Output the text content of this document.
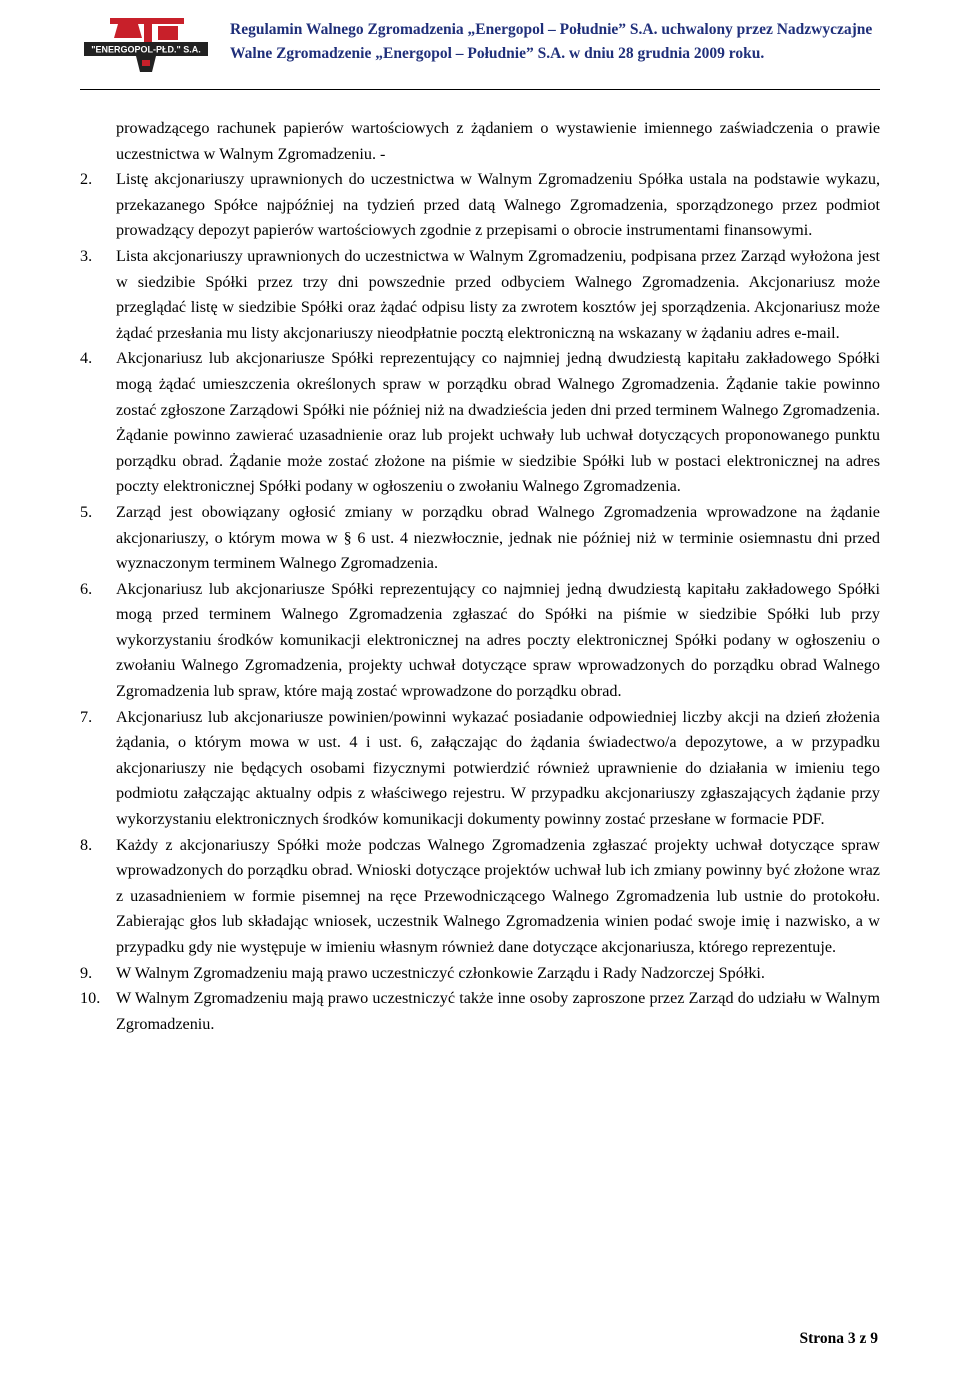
"ENERGOPOL-PŁD." S.A.
Regulamin Walnego Zgromadzenia „Energopol – Południe” S.A. uchwalony przez Nadzwyczajne
Walne Zgromadzenie „Energopol – Południe” S.A. w dniu 28 grudnia 2009 roku.

prowadzącego rachunek papierów wartościowych z żądaniem o wystawienie imiennego zaświadczenia o prawie uczestnictwa w Walnym Zgromadzeniu. -

2.	Listę akcjonariuszy uprawnionych do uczestnictwa w Walnym Zgromadzeniu Spółka ustala na podstawie wykazu, przekazanego Spółce najpóźniej na tydzień przed datą Walnego Zgromadzenia, sporządzonego przez podmiot prowadzący depozyt papierów wartościowych zgodnie z przepisami o obrocie instrumentami finansowymi.
3.	Lista akcjonariuszy uprawnionych do uczestnictwa w Walnym Zgromadzeniu, podpisana przez Zarząd wyłożona jest w siedzibie Spółki przez trzy dni powszednie przed odbyciem Walnego Zgromadzenia. Akcjonariusz może przeglądać listę w siedzibie Spółki oraz żądać odpisu listy za zwrotem kosztów jej sporządzenia. Akcjonariusz może żądać przesłania mu listy akcjonariuszy nieodpłatnie pocztą elektroniczną na wskazany w żądaniu adres e-mail.
4.	Akcjonariusz lub akcjonariusze Spółki reprezentujący co najmniej jedną dwudziestą kapitału zakładowego Spółki mogą żądać umieszczenia określonych spraw w porządku obrad Walnego Zgromadzenia. Żądanie takie powinno zostać zgłoszone Zarządowi Spółki nie później niż na dwadzieścia jeden dni przed terminem Walnego Zgromadzenia. Żądanie powinno zawierać uzasadnienie oraz lub projekt uchwały lub uchwał dotyczących proponowanego punktu porządku obrad. Żądanie może zostać złożone na piśmie w siedzibie Spółki lub w postaci elektronicznej na adres poczty elektronicznej Spółki podany w ogłoszeniu o zwołaniu Walnego Zgromadzenia.
5.	Zarząd jest obowiązany ogłosić zmiany w porządku obrad Walnego Zgromadzenia wprowadzone na żądanie akcjonariuszy, o którym mowa w § 6 ust. 4 niezwłocznie, jednak nie później niż w terminie osiemnastu dni przed wyznaczonym terminem Walnego Zgromadzenia.
6.	Akcjonariusz lub akcjonariusze Spółki reprezentujący co najmniej jedną dwudziestą kapitału zakładowego Spółki mogą przed terminem Walnego Zgromadzenia zgłaszać do Spółki na piśmie w siedzibie Spółki lub przy wykorzystaniu środków komunikacji elektronicznej na adres poczty elektronicznej Spółki podany w ogłoszeniu o zwołaniu Walnego Zgromadzenia, projekty uchwał dotyczące spraw wprowadzonych do porządku obrad Walnego Zgromadzenia lub spraw, które mają zostać wprowadzone do porządku obrad.
7.	Akcjonariusz lub akcjonariusze powinien/powinni wykazać posiadanie odpowiedniej liczby akcji na dzień złożenia żądania, o którym mowa w ust. 4 i ust. 6, załączając do żądania świadectwo/a depozytowe, a w przypadku akcjonariuszy nie będących osobami fizycznymi potwierdzić również uprawnienie do działania w imieniu tego podmiotu załączając aktualny odpis z właściwego rejestru. W przypadku akcjonariuszy zgłaszających żądanie przy wykorzystaniu elektronicznych środków komunikacji dokumenty powinny zostać przesłane w formacie PDF.
8.	Każdy z akcjonariuszy Spółki może podczas Walnego Zgromadzenia zgłaszać projekty uchwał dotyczące spraw wprowadzonych do porządku obrad. Wnioski dotyczące projektów uchwał lub ich zmiany powinny być złożone wraz z uzasadnieniem w formie pisemnej na ręce Przewodniczącego Walnego Zgromadzenia lub ustnie do protokołu. Zabierając głos lub składając wniosek, uczestnik Walnego Zgromadzenia winien podać swoje imię i nazwisko, a w przypadku gdy nie występuje w imieniu własnym również dane dotyczące akcjonariusza, którego reprezentuje.
9.	W Walnym Zgromadzeniu mają prawo uczestniczyć członkowie Zarządu i Rady Nadzorczej Spółki.
10. W Walnym Zgromadzeniu mają prawo uczestniczyć także inne osoby zaproszone przez Zarząd do udziału w Walnym Zgromadzeniu.
Strona 3 z 9
